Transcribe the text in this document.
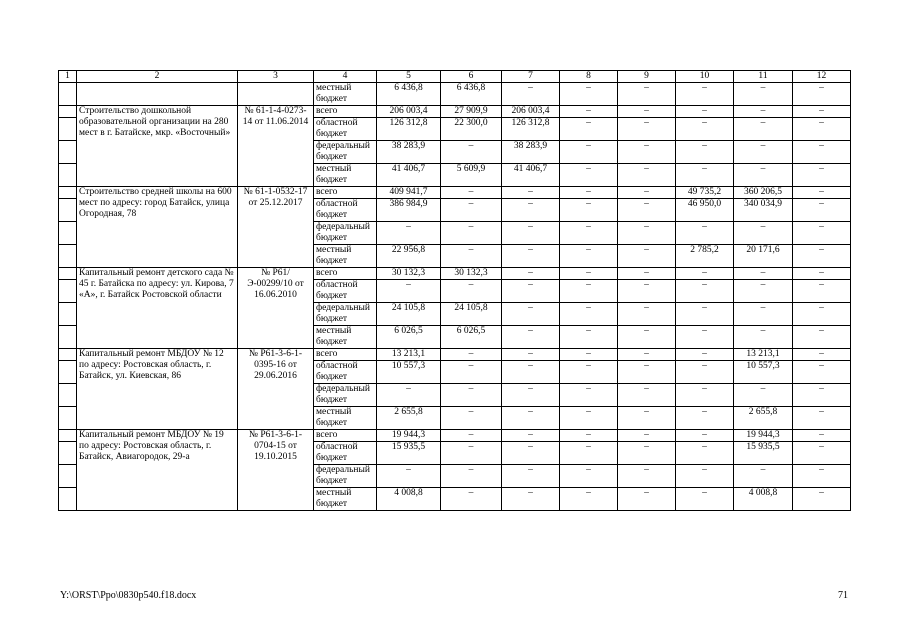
1	2	3	4	5	6	7	8	9	10	11	12
			местный бюджет	6 436,8	6 436,8	–	–	–	–	–	–
	Строительство дошкольной образовательной организации на 280 мест в г. Батайске, мкр. «Восточный»	№ 61-1-4-0273-14 от 11.06.2014	всего	206 003,4	27 909,9	206 003,4	–	–	–	–	–
			областной бюджет	126 312,8	22 300,0	126 312,8	–	–	–	–	–
			федеральный бюджет	38 283,9	–	38 283,9	–	–	–	–	–
			местный бюджет	41 406,7	5 609,9	41 406,7	–	–	–	–	–
	Строительство средней школы на 600 мест по адресу: город Батайск, улица Огородная, 78	№ 61-1-0532-17 от 25.12.2017	всего	409 941,7	–	–	–	–	49 735,2	360 206,5	–
			областной бюджет	386 984,9	–	–	–	–	46 950,0	340 034,9	–
			федеральный бюджет	–	–	–	–	–	–	–	–
			местный бюджет	22 956,8	–	–	–	–	2 785,2	20 171,6	–
	Капитальный ремонт детского сада № 45 г. Батайска по адресу: ул. Кирова, 7 «А», г. Батайск Ростовской области	№ Р61/Э-00299/10 от 16.06.2010	всего	30 132,3	30 132,3	–	–	–	–	–	–
			областной бюджет	–	–	–	–	–	–	–	–
			федеральный бюджет	24 105,8	24 105,8	–	–	–	–	–	–
			местный бюджет	6 026,5	6 026,5	–	–	–	–	–	–
	Капитальный ремонт МБДОУ № 12 по адресу: Ростовская область, г. Батайск, ул. Киевская, 86	№ Р61-3-6-1-0395-16 от 29.06.2016	всего	13 213,1	–	–	–	–	–	13 213,1	–
			областной бюджет	10 557,3	–	–	–	–	–	10 557,3	–
			федеральный бюджет	–	–	–	–	–	–	–	–
			местный бюджет	2 655,8	–	–	–	–	–	2 655,8	–
	Капитальный ремонт МБДОУ № 19 по адресу: Ростовская область, г. Батайск, Авиагородок, 29-а	№ Р61-3-6-1-0704-15 от 19.10.2015	всего	19 944,3	–	–	–	–	–	19 944,3	–
			областной бюджет	15 935,5	–	–	–	–	–	15 935,5	–
			федеральный бюджет	–	–	–	–	–	–	–	–
			местный бюджет	4 008,8	–	–	–	–	–	4 008,8	–
Y:\ORST\Ppo\0830p540.f18.docx	71
